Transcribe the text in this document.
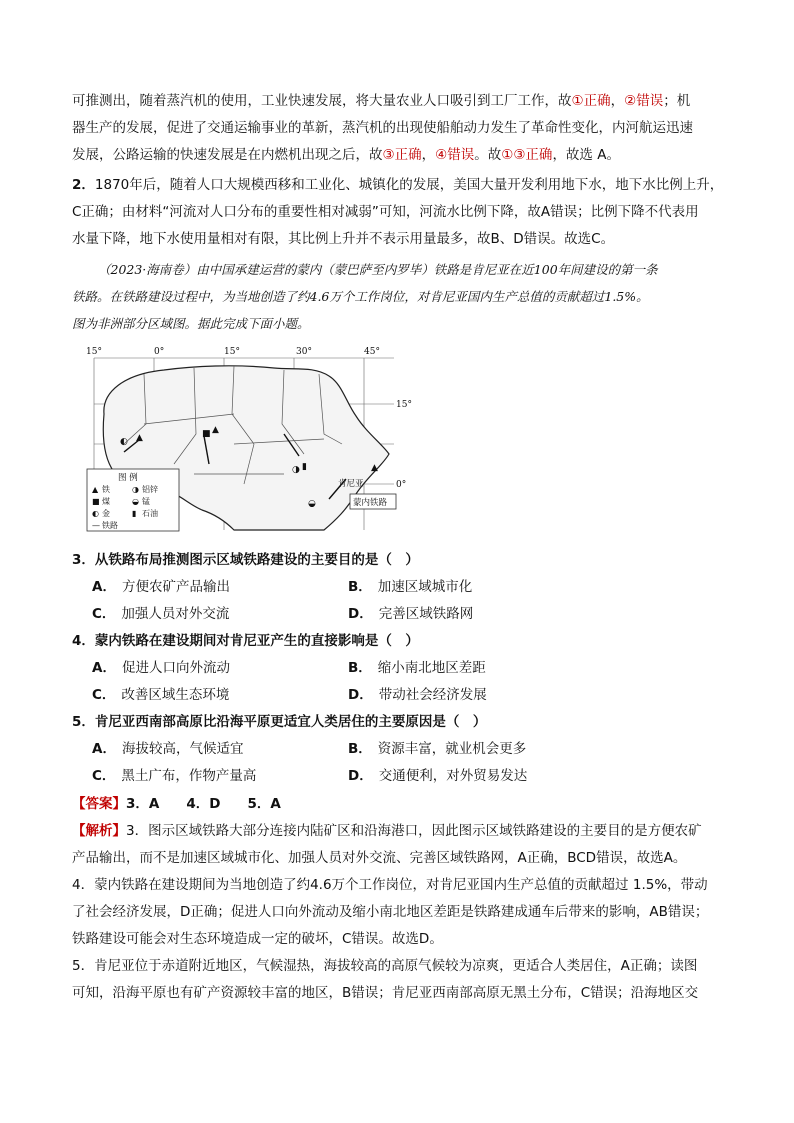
可推测出，随着蒸汽机的使用，工业快速发展，将大量农业人口吸引到工厂工作，故①正确，②错误；机
器生产的发展，促进了交通运输事业的革新，蒸汽机的出现使船舶动力发生了革命性变化，内河航运迅速
发展，公路运输的快速发展是在内燃机出现之后，故③正确，④错误。故①③正确，故选 A。
2．1870年后，随着人口大规模西移和工业化、城镇化的发展，美国大量开发利用地下水，地下水比例上升，
C正确；由材料“河流对人口分布的重要性相对减弱”可知，河流水比例下降，故A错误；比例下降不代表用
水量下降，地下水使用量相对有限，其比例上升并不表示用量最多，故B、D错误。故选C。
（2023·海南卷）由中国承建运营的蒙内（蒙巴萨至内罗毕）铁路是肯尼亚在近100年间建设的第一条
铁路。在铁路建设过程中，为当地创造了约4.6万个工作岗位，对肯尼亚国内生产总值的贡献超过1.5%。
图为非洲部分区域图。据此完成下面小题。
15°	0°	15°	30°	45°
15°
0°
◐ ▲	■ ▲
◑ ▮	▲
◒
肯尼亚
蒙内铁路
图 例
▲ 铁	◑ 铝锌
■ 煤	◒ 锰
◐ 金	▮ 石油
— 铁路
3．从铁路布局推测图示区域铁路建设的主要目的是（　）
A． 方便农矿产品输出	B． 加速区域城市化
C． 加强人员对外交流	D． 完善区域铁路网
4．蒙内铁路在建设期间对肯尼亚产生的直接影响是（　）
A． 促进人口向外流动	B． 缩小南北地区差距
C． 改善区域生态环境	D． 带动社会经济发展
5．肯尼亚西南部高原比沿海平原更适宜人类居住的主要原因是（　）
A． 海拔较高，气候适宜	B． 资源丰富，就业机会更多
C． 黑土广布，作物产量高	D． 交通便利，对外贸易发达
【答案】3．A　　4．D　　5．A
【解析】3．图示区域铁路大部分连接内陆矿区和沿海港口，因此图示区域铁路建设的主要目的是方便农矿
产品输出，而不是加速区域城市化、加强人员对外交流、完善区域铁路网，A正确，BCD错误，故选A。
4．蒙内铁路在建设期间为当地创造了约4.6万个工作岗位，对肯尼亚国内生产总值的贡献超过 1.5%，带动
了社会经济发展，D正确；促进人口向外流动及缩小南北地区差距是铁路建成通车后带来的影响，AB错误；
铁路建设可能会对生态环境造成一定的破坏，C错误。故选D。
5．肯尼亚位于赤道附近地区，气候湿热，海拔较高的高原气候较为凉爽，更适合人类居住，A正确；读图
可知，沿海平原也有矿产资源较丰富的地区，B错误；肯尼亚西南部高原无黑土分布，C错误；沿海地区交
